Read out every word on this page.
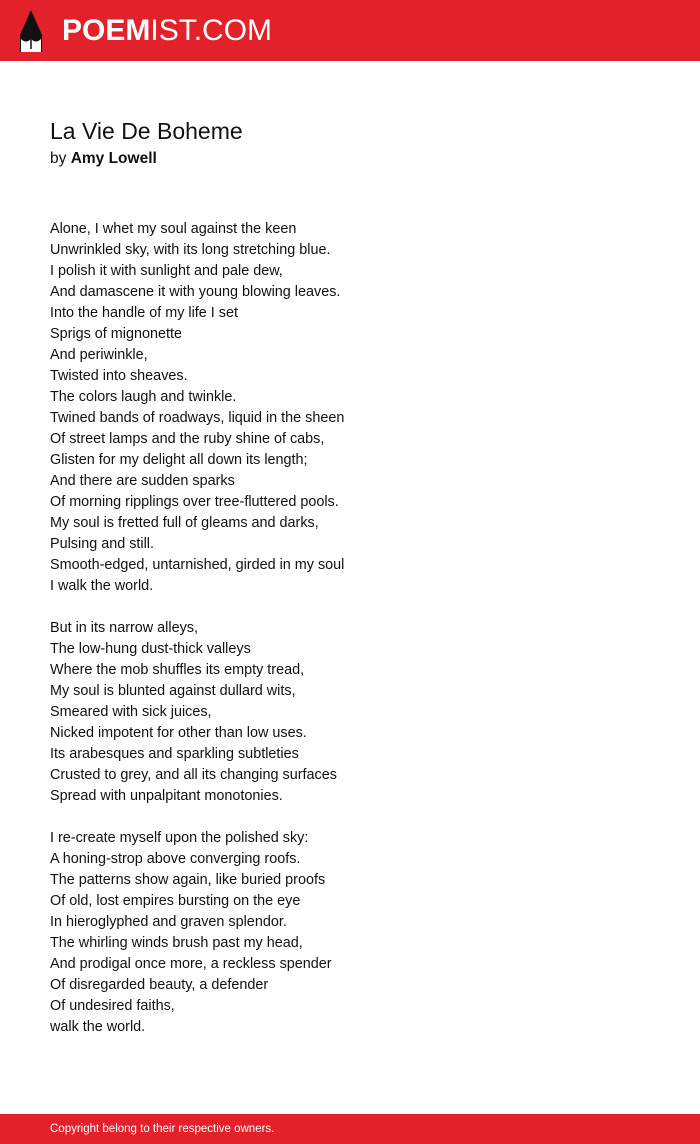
POEMIST.COM
La Vie De Boheme
by Amy Lowell
Alone, I whet my soul against the keen
Unwrinkled sky, with its long stretching blue.
I polish it with sunlight and pale dew,
And damascene it with young blowing leaves.
Into the handle of my life I set
Sprigs of mignonette
And periwinkle,
Twisted into sheaves.
The colors laugh and twinkle.
Twined bands of roadways, liquid in the sheen
Of street lamps and the ruby shine of cabs,
Glisten for my delight all down its length;
And there are sudden sparks
Of morning ripplings over tree-fluttered pools.
My soul is fretted full of gleams and darks,
Pulsing and still.
Smooth-edged, untarnished, girded in my soul
I walk the world.
But in its narrow alleys,
The low-hung dust-thick valleys
Where the mob shuffles its empty tread,
My soul is blunted against dullard wits,
Smeared with sick juices,
Nicked impotent for other than low uses.
Its arabesques and sparkling subtleties
Crusted to grey, and all its changing surfaces
Spread with unpalpitant monotonies.
I re-create myself upon the polished sky:
A honing-strop above converging roofs.
The patterns show again, like buried proofs
Of old, lost empires bursting on the eye
In hieroglyphed and graven splendor.
The whirling winds brush past my head,
And prodigal once more, a reckless spender
Of disregarded beauty, a defender
Of undesired faiths,
walk the world.
Copyright belong to their respective owners.
